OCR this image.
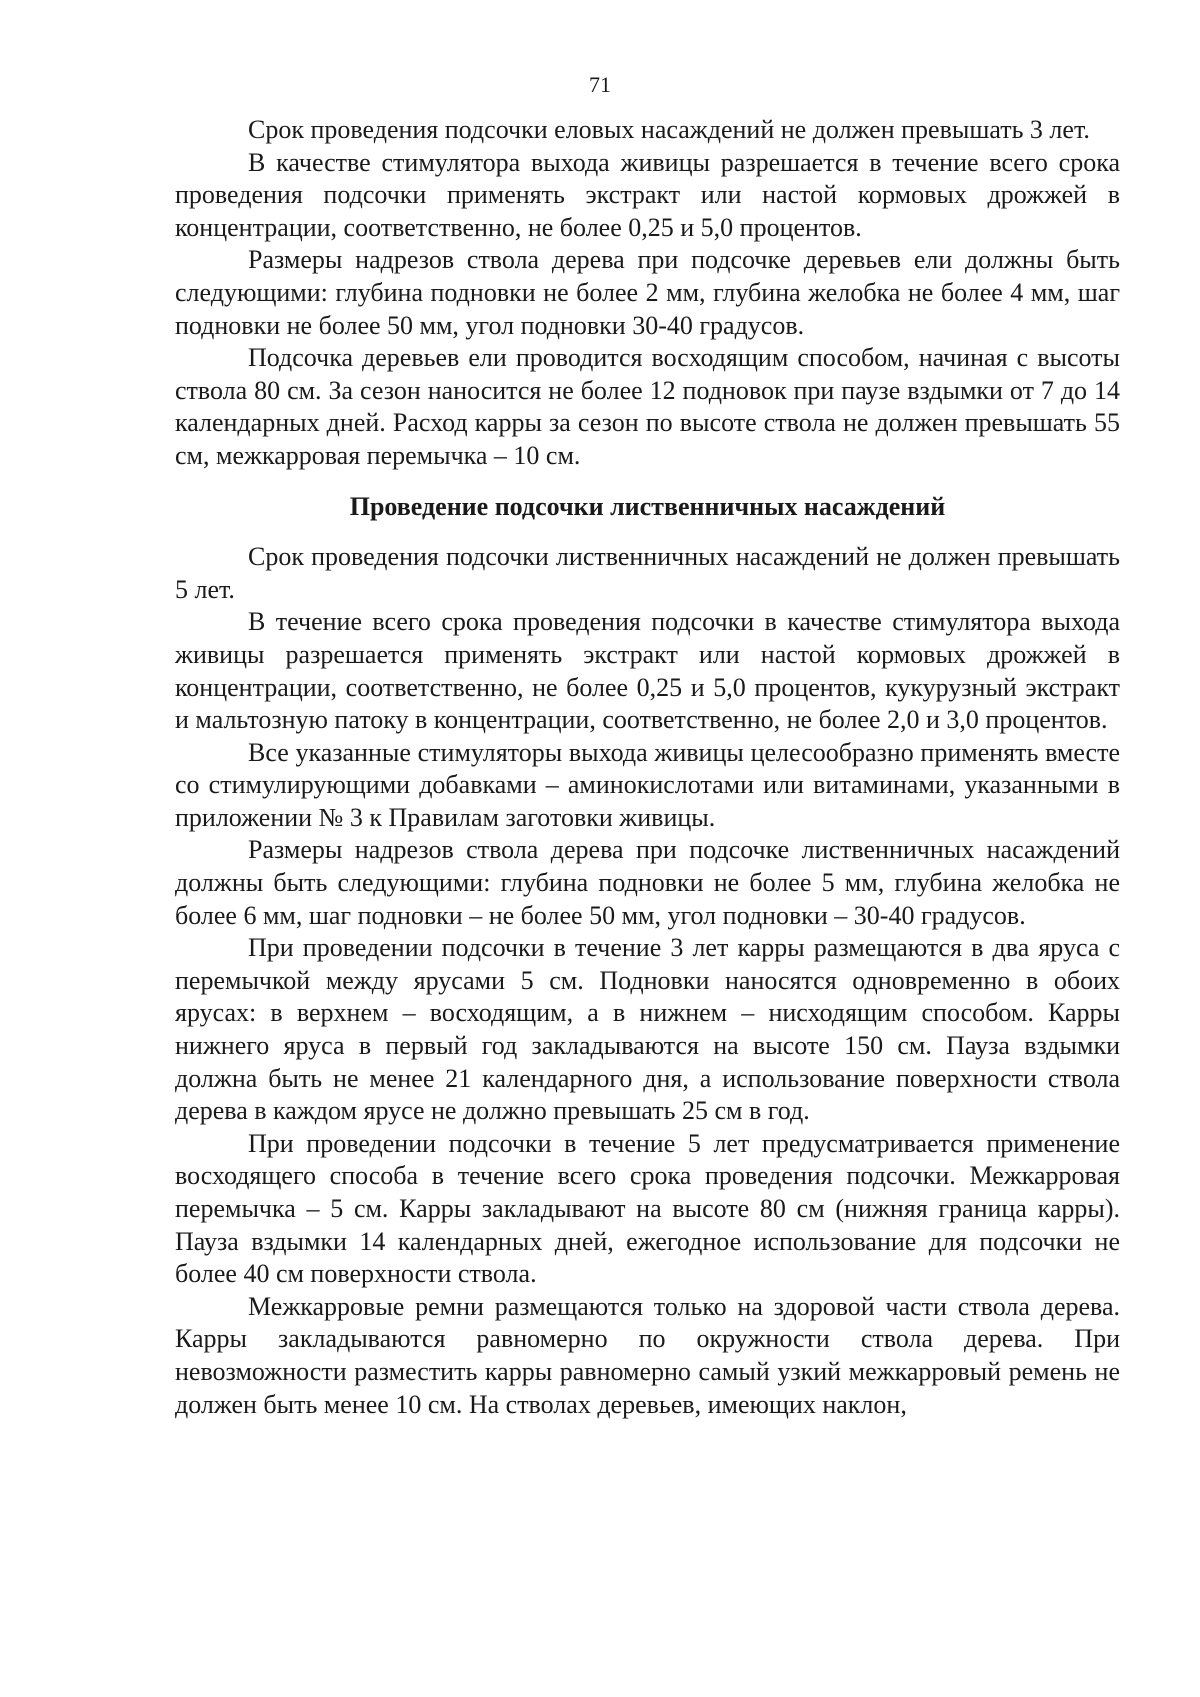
71

Срок проведения подсочки еловых насаждений не должен превышать 3 лет.

В качестве стимулятора выхода живицы разрешается в течение всего срока проведения подсочки применять экстракт или настой кормовых дрожжей в концентрации, соответственно, не более 0,25 и 5,0 процентов.

Размеры надрезов ствола дерева при подсочке деревьев ели должны быть следующими: глубина подновки не более 2 мм, глубина желобка не более 4 мм, шаг подновки не более 50 мм, угол подновки 30-40 градусов.

Подсочка деревьев ели проводится восходящим способом, начиная с высоты ствола 80 см. За сезон наносится не более 12 подновок при паузе вздымки от 7 до 14 календарных дней. Расход карры за сезон по высоте ствола не должен превышать 55 см, межкарровая перемычка – 10 см.

Проведение подсочки лиственничных насаждений

Срок проведения подсочки лиственничных насаждений не должен превышать 5 лет.

В течение всего срока проведения подсочки в качестве стимулятора выхода живицы разрешается применять экстракт или настой кормовых дрожжей в концентрации, соответственно, не более 0,25 и 5,0 процентов, кукурузный экстракт и мальтозную патоку в концентрации, соответственно, не более 2,0 и 3,0 процентов.

Все указанные стимуляторы выхода живицы целесообразно применять вместе со стимулирующими добавками – аминокислотами или витаминами, указанными в приложении № 3 к Правилам заготовки живицы.

Размеры надрезов ствола дерева при подсочке лиственничных насаждений должны быть следующими: глубина подновки не более 5 мм, глубина желобка не более 6 мм, шаг подновки – не более 50 мм, угол подновки – 30-40 градусов.

При проведении подсочки в течение 3 лет карры размещаются в два яруса с перемычкой между ярусами 5 см. Подновки наносятся одновременно в обоих ярусах: в верхнем – восходящим, а в нижнем – нисходящим способом. Карры нижнего яруса в первый год закладываются на высоте 150 см. Пауза вздымки должна быть не менее 21 календарного дня, а использование поверхности ствола дерева в каждом ярусе не должно превышать 25 см в год.

При проведении подсочки в течение 5 лет предусматривается применение восходящего способа в течение всего срока проведения подсочки. Межкарровая перемычка – 5 см. Карры закладывают на высоте 80 см (нижняя граница карры). Пауза вздымки 14 календарных дней, ежегодное использование для подсочки не более 40 см поверхности ствола.

Межкарровые ремни размещаются только на здоровой части ствола дерева. Карры закладываются равномерно по окружности ствола дерева. При невозможности разместить карры равномерно самый узкий межкарровый ремень не должен быть менее 10 см. На стволах деревьев, имеющих наклон,
